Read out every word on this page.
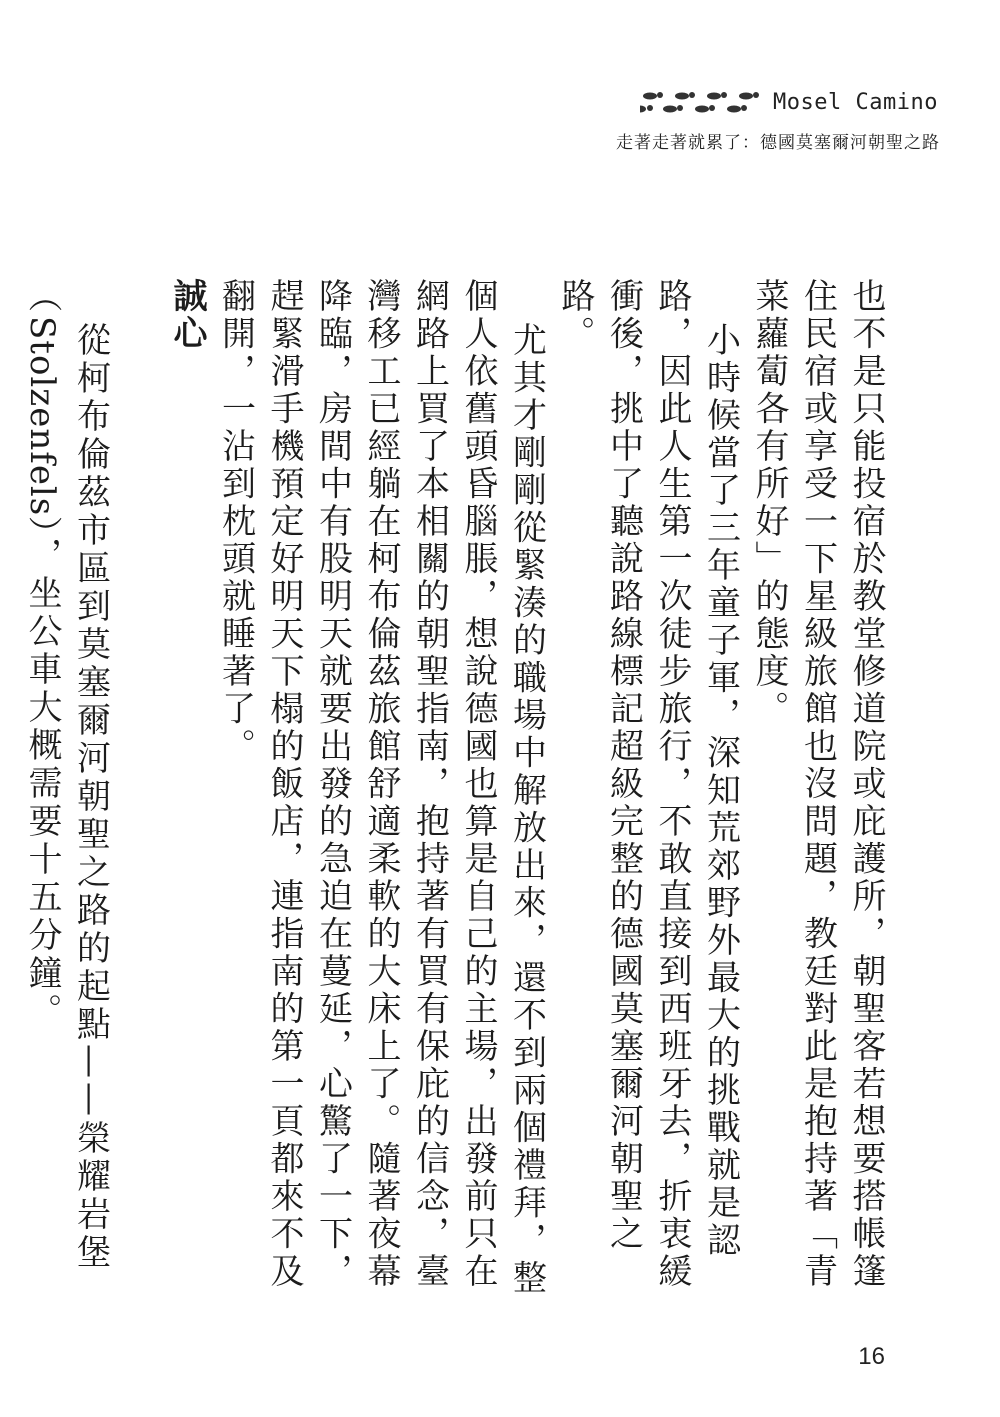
Mosel Camino
走著走著就累了：德國莫塞爾河朝聖之路

也不是只能投宿於教堂修道院或庇護所，朝聖客若想要搭帳篷住民宿或享受一下星級旅館也沒問題，教廷對此是抱持著「青菜蘿蔔各有所好」的態度。

小時候當了三年童子軍，深知荒郊野外最大的挑戰就是認路，因此人生第一次徒步旅行，不敢直接到西班牙去，折衷緩衝後，挑中了聽說路線標記超級完整的德國莫塞爾河朝聖之路。

尤其才剛剛從緊湊的職場中解放出來，還不到兩個禮拜，整個人依舊頭昏腦脹，想說德國也算是自己的主場，出發前只在網路上買了本相關的朝聖指南，抱持著有買有保庇的信念，臺灣移工已經躺在柯布倫茲旅館舒適柔軟的大床上了。隨著夜幕降臨，房間中有股明天就要出發的急迫在蔓延，心驚了一下，趕緊滑手機預定好明天下榻的飯店，連指南的第一頁都來不及翻開，一沾到枕頭就睡著了。

誠心

從柯布倫茲市區到莫塞爾河朝聖之路的起點——榮耀岩堡（Stolzenfels），坐公車大概需要十五分鐘。

16
